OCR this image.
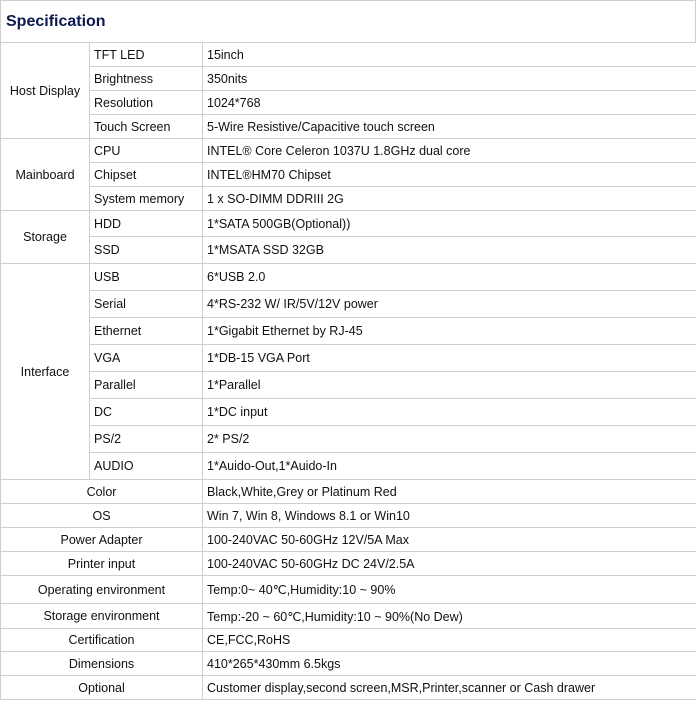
Specification
Host Display	TFT LED	15inch
	Brightness	350nits
	Resolution	1024*768
	Touch Screen	5-Wire Resistive/Capacitive touch screen
Mainboard	CPU	INTEL® Core Celeron 1037U 1.8GHz dual core
	Chipset	INTEL®HM70 Chipset
	System memory	1 x SO-DIMM DDRIII 2G
Storage	HDD	1*SATA 500GB(Optional))
	SSD	1*MSATA SSD 32GB
Interface	USB	6*USB 2.0
	Serial	4*RS-232 W/ IR/5V/12V power
	Ethernet	1*Gigabit Ethernet by RJ-45
	VGA	1*DB-15 VGA Port
	Parallel	1*Parallel
	DC	1*DC input
	PS/2	2* PS/2
	AUDIO	1*Auido-Out,1*Auido-In
Color		Black,White,Grey or Platinum Red
OS		Win 7, Win 8, Windows 8.1 or Win10
Power Adapter		100-240VAC 50-60GHz 12V/5A Max
Printer input		100-240VAC 50-60GHz DC 24V/2.5A
Operating environment		Temp:0~ 40℃,Humidity:10 ~ 90%
Storage environment		Temp:-20 ~ 60℃,Humidity:10 ~ 90%(No Dew)
Certification		CE,FCC,RoHS
Dimensions		410*265*430mm 6.5kgs
Optional		Customer display,second screen,MSR,Printer,scanner or Cash drawer
